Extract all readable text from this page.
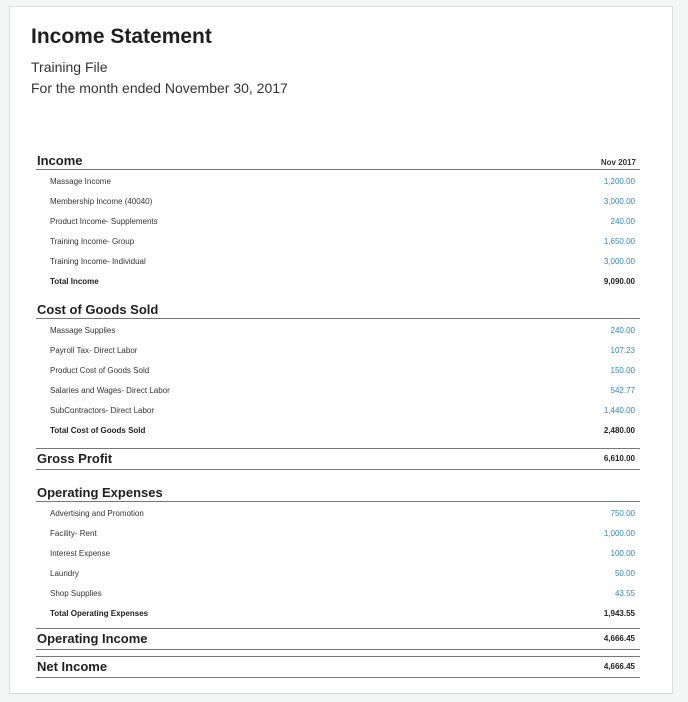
Income Statement
Training File
For the month ended November 30, 2017
Nov 2017
Income
Massage Income	1,200.00
Membership Income (40040)	3,000.00
Product Income- Supplements	240.00
Training Income- Group	1,650.00
Training Income- Individual	3,000.00
Total Income	9,090.00
Cost of Goods Sold
Massage Supplies	240.00
Payroll Tax- Direct Labor	107.23
Product Cost of Goods Sold	150.00
Salaries and Wages- Direct Labor	542.77
SubContractors- Direct Labor	1,440.00
Total Cost of Goods Sold	2,480.00
Gross Profit	6,610.00
Operating Expenses
Advertising and Promotion	750.00
Facility- Rent	1,000.00
Interest Expense	100.00
Laundry	50.00
Shop Supplies	43.55
Total Operating Expenses	1,943.55
Operating Income	4,666.45
Net Income	4,666.45
